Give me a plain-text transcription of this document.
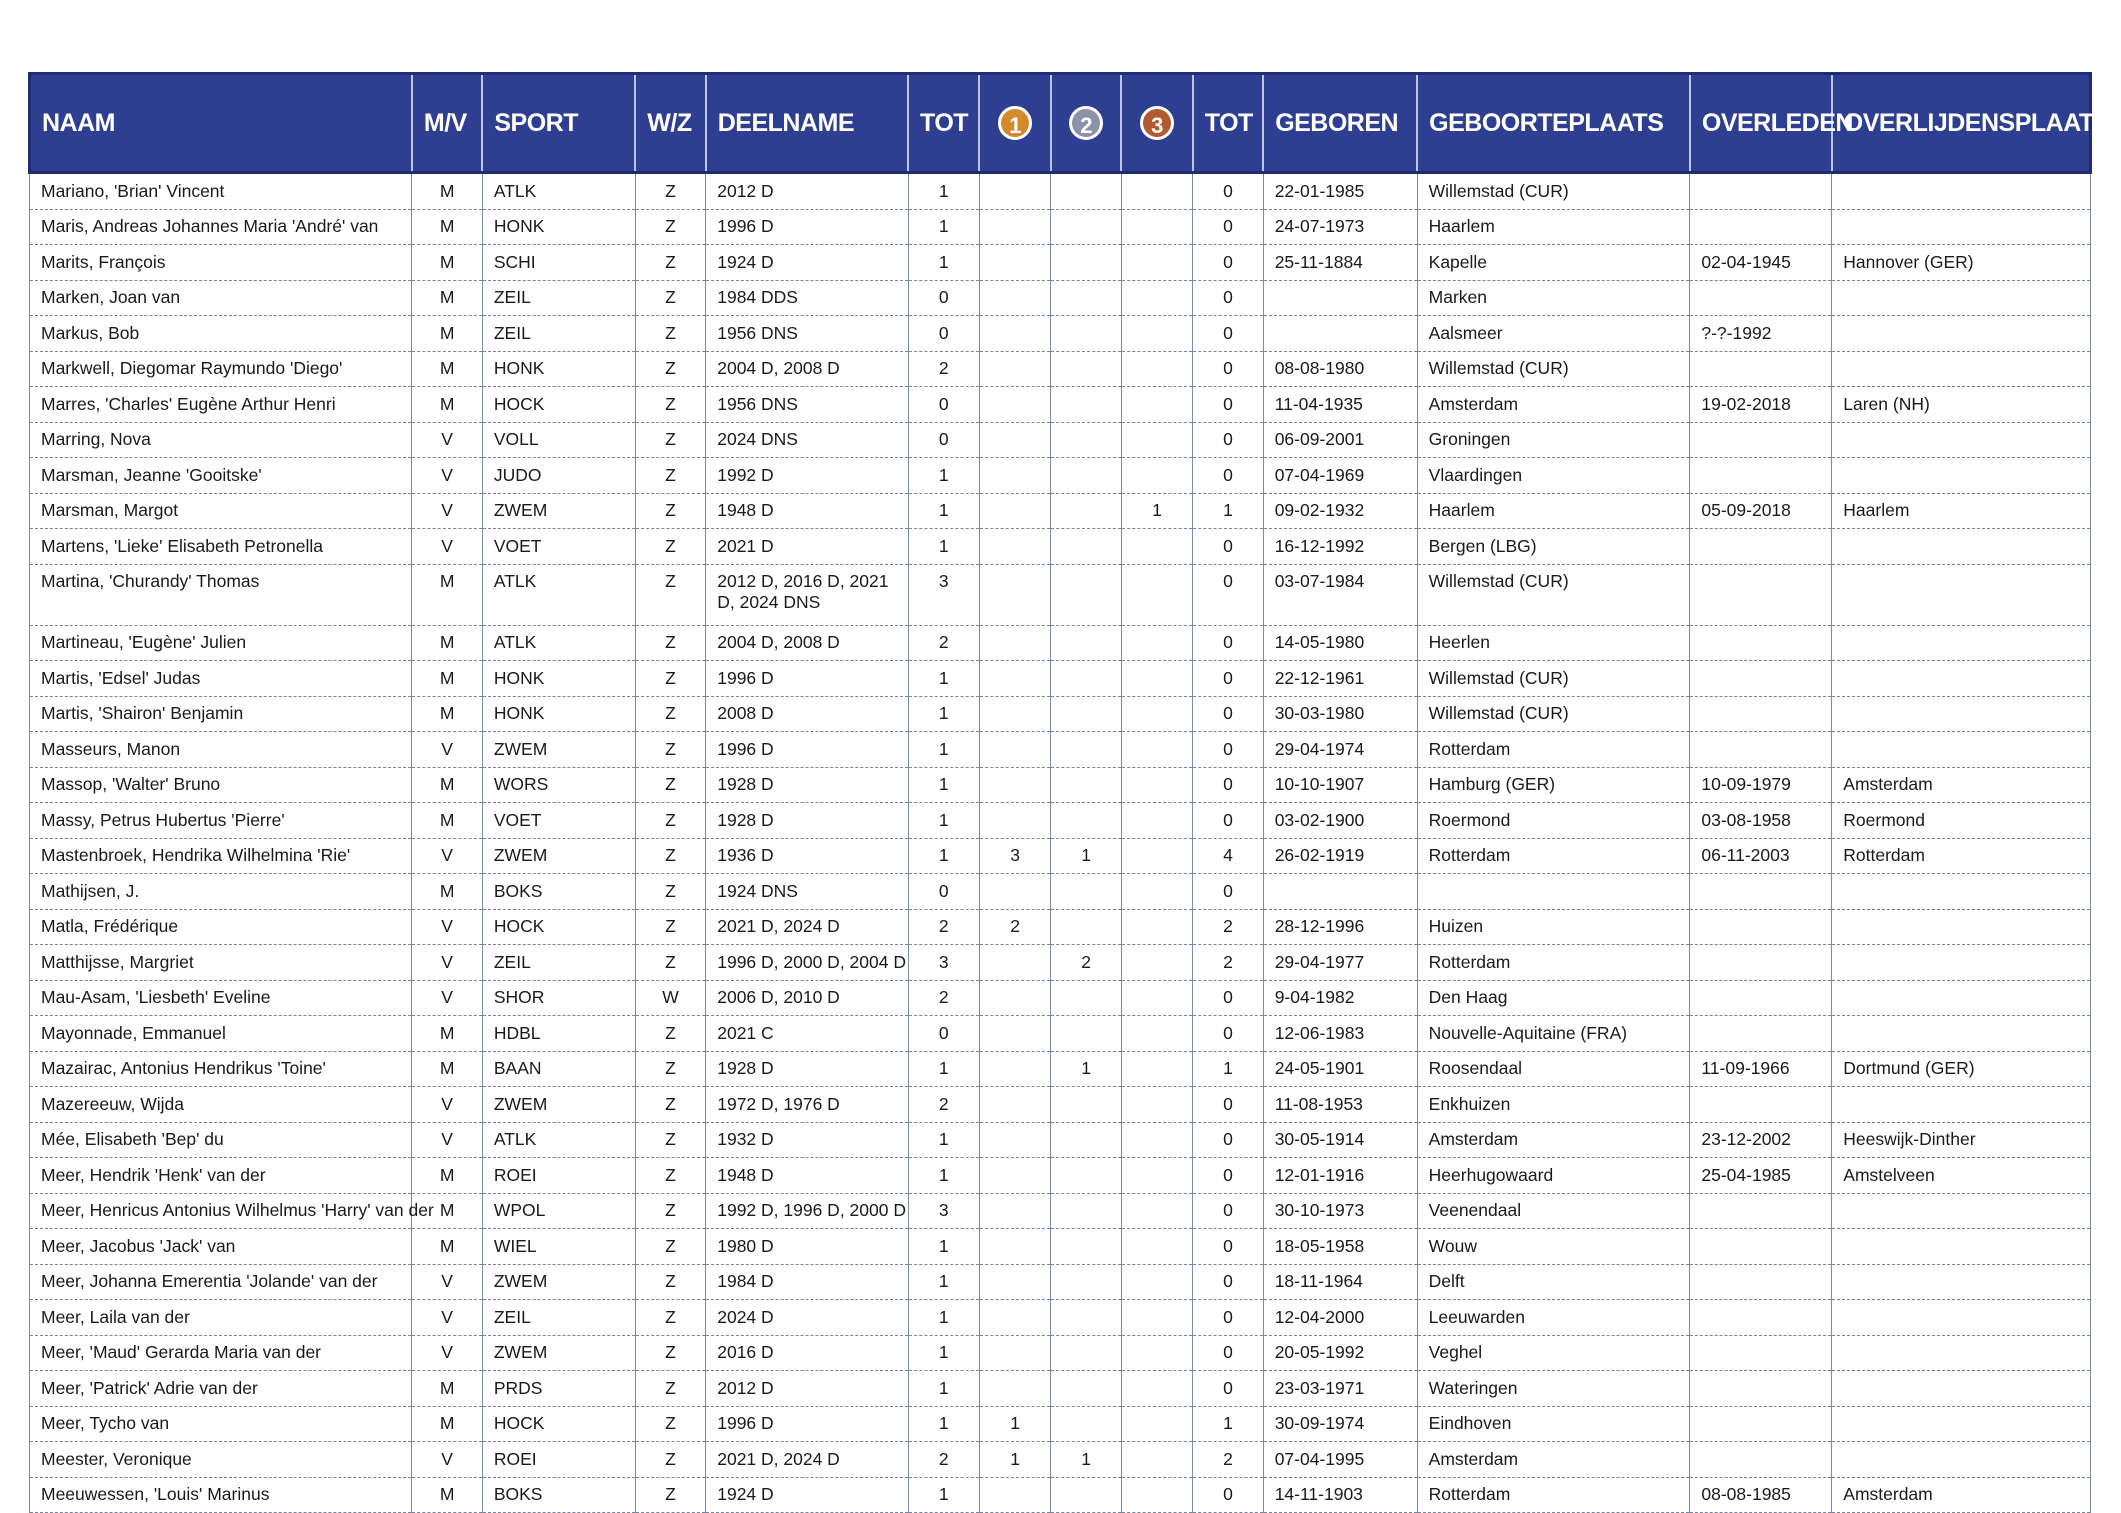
NAAM	M/V	SPORT	W/Z	DEELNAME	TOT	1	2	3	TOT	GEBOREN	GEBOORTEPLAATS	OVERLEDEN	OVERLIJDENSPLAATS
Mariano, 'Brian' Vincent	M	ATLK	Z	2012 D	1				0	22-01-1985	Willemstad (CUR)		
Maris, Andreas Johannes Maria 'André' van	M	HONK	Z	1996 D	1				0	24-07-1973	Haarlem		
Marits, François	M	SCHI	Z	1924 D	1				0	25-11-1884	Kapelle	02-04-1945	Hannover (GER)
Marken, Joan van	M	ZEIL	Z	1984 DDS	0				0		Marken		
Markus, Bob	M	ZEIL	Z	1956 DNS	0				0		Aalsmeer	?-?-1992	
Markwell, Diegomar Raymundo 'Diego'	M	HONK	Z	2004 D, 2008 D	2				0	08-08-1980	Willemstad (CUR)		
Marres, 'Charles' Eugène Arthur Henri	M	HOCK	Z	1956 DNS	0				0	11-04-1935	Amsterdam	19-02-2018	Laren (NH)
Marring, Nova	V	VOLL	Z	2024 DNS	0				0	06-09-2001	Groningen		
Marsman, Jeanne 'Gooitske'	V	JUDO	Z	1992 D	1				0	07-04-1969	Vlaardingen		
Marsman, Margot	V	ZWEM	Z	1948 D	1			1	1	09-02-1932	Haarlem	05-09-2018	Haarlem
Martens, 'Lieke' Elisabeth Petronella	V	VOET	Z	2021 D	1				0	16-12-1992	Bergen (LBG)		
Martina, 'Churandy' Thomas	M	ATLK	Z	2012 D, 2016 D, 2021 D, 2024 DNS	3				0	03-07-1984	Willemstad (CUR)		
Martineau, 'Eugène' Julien	M	ATLK	Z	2004 D, 2008 D	2				0	14-05-1980	Heerlen		
Martis, 'Edsel' Judas	M	HONK	Z	1996 D	1				0	22-12-1961	Willemstad (CUR)		
Martis, 'Shairon' Benjamin	M	HONK	Z	2008 D	1				0	30-03-1980	Willemstad (CUR)		
Masseurs, Manon	V	ZWEM	Z	1996 D	1				0	29-04-1974	Rotterdam		
Massop, 'Walter' Bruno	M	WORS	Z	1928 D	1				0	10-10-1907	Hamburg (GER)	10-09-1979	Amsterdam
Massy, Petrus Hubertus 'Pierre'	M	VOET	Z	1928 D	1				0	03-02-1900	Roermond	03-08-1958	Roermond
Mastenbroek, Hendrika Wilhelmina 'Rie'	V	ZWEM	Z	1936 D	1	3	1		4	26-02-1919	Rotterdam	06-11-2003	Rotterdam
Mathijsen, J.	M	BOKS	Z	1924 DNS	0				0				
Matla, Frédérique	V	HOCK	Z	2021 D, 2024 D	2	2			2	28-12-1996	Huizen		
Matthijsse, Margriet	V	ZEIL	Z	1996 D, 2000 D, 2004 D	3		2		2	29-04-1977	Rotterdam		
Mau-Asam, 'Liesbeth' Eveline	V	SHOR	W	2006 D, 2010 D	2				0	9-04-1982	Den Haag		
Mayonnade, Emmanuel	M	HDBL	Z	2021 C	0				0	12-06-1983	Nouvelle-Aquitaine (FRA)		
Mazairac, Antonius Hendrikus 'Toine'	M	BAAN	Z	1928 D	1		1		1	24-05-1901	Roosendaal	11-09-1966	Dortmund (GER)
Mazereeuw, Wijda	V	ZWEM	Z	1972 D, 1976 D	2				0	11-08-1953	Enkhuizen		
Mée, Elisabeth 'Bep' du	V	ATLK	Z	1932 D	1				0	30-05-1914	Amsterdam	23-12-2002	Heeswijk-Dinther
Meer, Hendrik 'Henk' van der	M	ROEI	Z	1948 D	1				0	12-01-1916	Heerhugowaard	25-04-1985	Amstelveen
Meer, Henricus Antonius Wilhelmus 'Harry' van der	M	WPOL	Z	1992 D, 1996 D, 2000 D	3				0	30-10-1973	Veenendaal		
Meer, Jacobus 'Jack' van	M	WIEL	Z	1980 D	1				0	18-05-1958	Wouw		
Meer, Johanna Emerentia 'Jolande' van der	V	ZWEM	Z	1984 D	1				0	18-11-1964	Delft		
Meer, Laila van der	V	ZEIL	Z	2024 D	1				0	12-04-2000	Leeuwarden		
Meer, 'Maud' Gerarda Maria van der	V	ZWEM	Z	2016 D	1				0	20-05-1992	Veghel		
Meer, 'Patrick' Adrie van der	M	PRDS	Z	2012 D	1				0	23-03-1971	Wateringen		
Meer, Tycho van	M	HOCK	Z	1996 D	1	1			1	30-09-1974	Eindhoven		
Meester, Veronique	V	ROEI	Z	2021 D, 2024 D	2	1	1		2	07-04-1995	Amsterdam		
Meeuwessen, 'Louis' Marinus	M	BOKS	Z	1924 D	1				0	14-11-1903	Rotterdam	08-08-1985	Amsterdam
